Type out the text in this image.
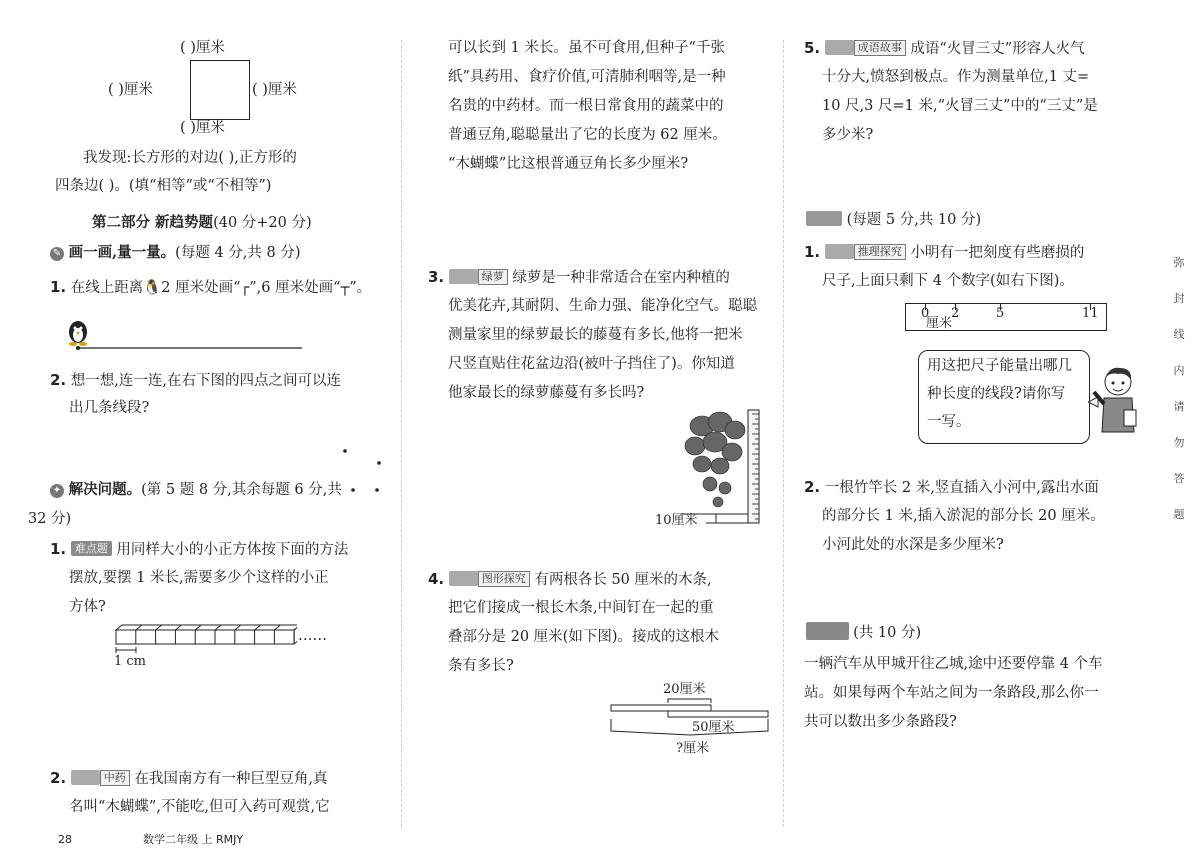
( )厘米
( )厘米	( )厘米
( )厘米
我发现:长方形的对边( ),正方形的
四条边( )。(填“相等”或“不相等”)
第二部分 新趋势题(40 分+20 分)
✎ 画一画,量一量。(每题 4 分,共 8 分)
1. 在线上距离🐧2 厘米处画“┌”,6 厘米处画“┬”。
2. 想一想,连一连,在右下图的四点之间可以连
出几条线段?
✦ 解决问题。(第 5 题 8 分,其余每题 6 分,共
32 分)
1. 难点题 用同样大小的小正方体按下面的方法
摆放,要摆 1 米长,需要多少个这样的小正
方体?
……
1 cm
2.	中药 在我国南方有一种巨型豆角,真
名叫“木蝴蝶”,不能吃,但可入药可观赏,它
可以长到 1 米长。虽不可食用,但种子“千张
纸”具药用、食疗价值,可清肺利咽等,是一种
名贵的中药材。而一根日常食用的蔬菜中的
普通豆角,聪聪量出了它的长度为 62 厘米。
“木蝴蝶”比这根普通豆角长多少厘米?
3.	绿萝 绿萝是一种非常适合在室内种植的
优美花卉,其耐阴、生命力强、能净化空气。聪聪
测量家里的绿萝最长的藤蔓有多长,他将一把米
尺竖直贴住花盆边沿(被叶子挡住了)。你知道
他家最长的绿萝藤蔓有多长吗?
10厘米
4.	图形探究 有两根各长 50 厘米的木条,
把它们接成一根长木条,中间钉在一起的重
叠部分是 20 厘米(如下图)。接成的这根木
条有多长?
20厘米
50厘米
?厘米
5.	成语故事 成语“火冒三丈”形容人火气
十分大,愤怒到极点。作为测量单位,1 丈=
10 尺,3 尺=1 米,“火冒三丈”中的“三丈”是
多少米?
(每题 5 分,共 10 分)
1.	推理探究 小明有一把刻度有些磨损的
尺子,上面只剩下 4 个数字(如右下图)。
0 2	5	11
厘米
用这把尺子能量出哪几
种长度的线段?请你写
一写。
2. 一根竹竿长 2 米,竖直插入小河中,露出水面
的部分长 1 米,插入淤泥的部分长 20 厘米。
小河此处的水深是多少厘米?
(共 10 分)
一辆汽车从甲城开往乙城,途中还要停靠 4 个车
站。如果每两个车站之间为一条路段,那么你一
共可以数出多少条路段?
弥
封
线
内
请
勿
答
题
28	数学二年级 上 RMJY
